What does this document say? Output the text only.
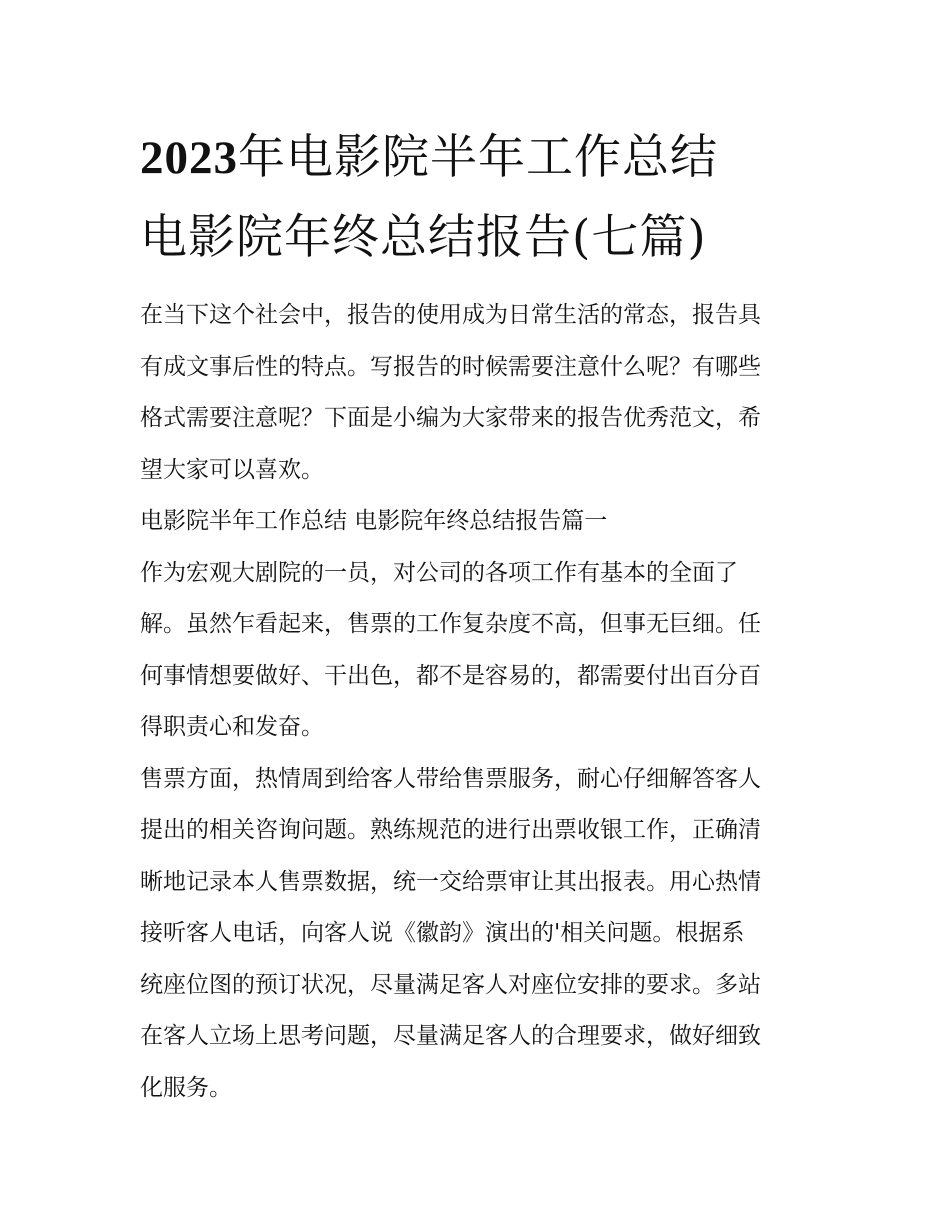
2023年电影院半年工作总结
电影院年终总结报告(七篇)

在当下这个社会中，报告的使用成为日常生活的常态，报告具
有成文事后性的特点。写报告的时候需要注意什么呢？有哪些
格式需要注意呢？下面是小编为大家带来的报告优秀范文，希
望大家可以喜欢。

电影院半年工作总结 电影院年终总结报告篇一

作为宏观大剧院的一员，对公司的各项工作有基本的全面了
解。虽然乍看起来，售票的工作复杂度不高，但事无巨细。任
何事情想要做好、干出色，都不是容易的，都需要付出百分百
得职责心和发奋。

售票方面，热情周到给客人带给售票服务，耐心仔细解答客人
提出的相关咨询问题。熟练规范的进行出票收银工作，正确清
晰地记录本人售票数据，统一交给票审让其出报表。用心热情
接听客人电话，向客人说《徽韵》演出的'相关问题。根据系
统座位图的预订状况，尽量满足客人对座位安排的要求。多站
在客人立场上思考问题，尽量满足客人的合理要求，做好细致
化服务。
